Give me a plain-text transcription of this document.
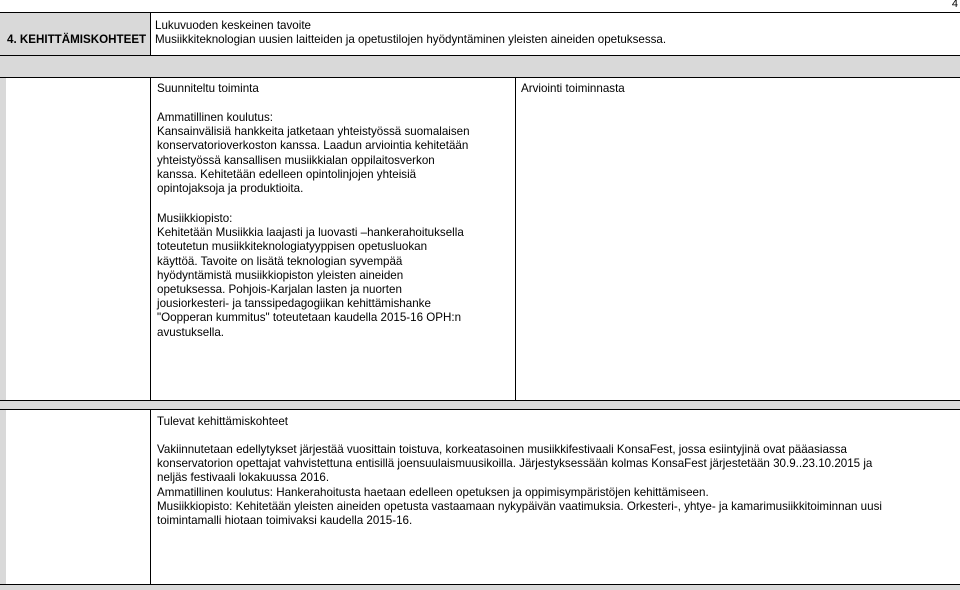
4
4. KEHITTÄMISKOHTEET
Lukuvuoden keskeinen tavoite
Musiikkiteknologian uusien laitteiden ja opetustilojen hyödyntäminen yleisten aineiden opetuksessa.
Suunniteltu toiminta	Arviointi toiminnasta
Ammatillinen koulutus:
Kansainvälisiä hankkeita jatketaan yhteistyössä suomalaisen
konservatorioverkoston kanssa. Laadun arviointia kehitetään
yhteistyössä kansallisen musiikkialan oppilaitosverkon
kanssa. Kehitetään edelleen opintolinjojen yhteisiä
opintojaksoja ja produktioita.
Musiikkiopisto:
Kehitetään Musiikkia laajasti ja luovasti –hankerahoituksella
toteutetun musiikkiteknologiatyyppisen opetusluokan
käyttöä. Tavoite on lisätä teknologian syvempää
hyödyntämistä musiikkiopiston yleisten aineiden
opetuksessa. Pohjois-Karjalan lasten ja nuorten
jousiorkesteri- ja tanssipedagogiikan kehittämishanke
"Oopperan kummitus" toteutetaan kaudella 2015-16 OPH:n
avustuksella.
Tulevat kehittämiskohteet
Vakiinnutetaan edellytykset järjestää vuosittain toistuva, korkeatasoinen musiikkifestivaali KonsaFest, jossa esiintyjinä ovat pääasiassa
konservatorion opettajat vahvistettuna entisillä joensuulaismuusikoilla. Järjestyksessään kolmas KonsaFest järjestetään 30.9..23.10.2015 ja
neljäs festivaali lokakuussa 2016.
Ammatillinen koulutus: Hankerahoitusta haetaan edelleen opetuksen ja oppimisympäristöjen kehittämiseen.
Musiikkiopisto: Kehitetään yleisten aineiden opetusta vastaamaan nykypäivän vaatimuksia. Orkesteri-, yhtye- ja kamarimusiikkitoiminnan uusi
toimintamalli hiotaan toimivaksi kaudella 2015-16.
